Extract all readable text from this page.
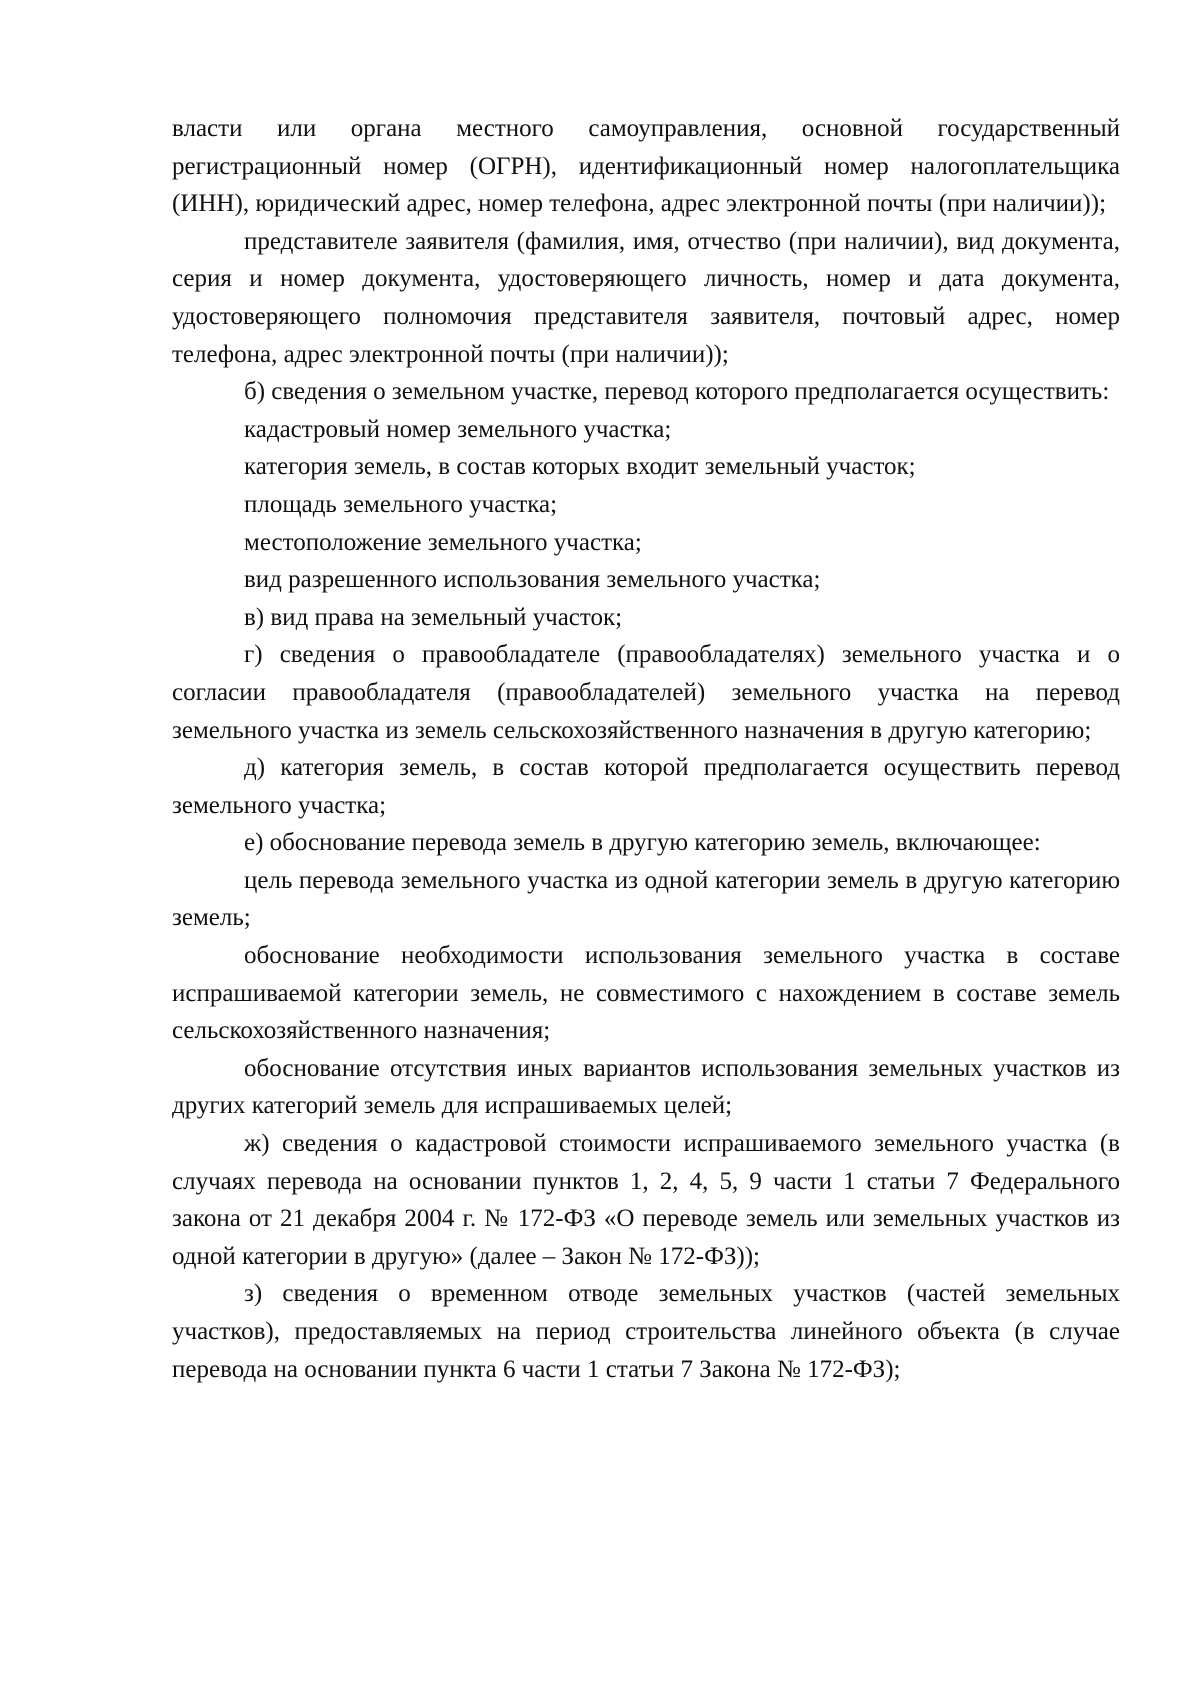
власти или органа местного самоуправления, основной государственный регистрационный номер (ОГРН), идентификационный номер налогоплательщика (ИНН), юридический адрес, номер телефона, адрес электронной почты (при наличии));

представителе заявителя (фамилия, имя, отчество (при наличии), вид документа, серия и номер документа, удостоверяющего личность, номер и дата документа, удостоверяющего полномочия представителя заявителя, почтовый адрес, номер телефона, адрес электронной почты (при наличии));

б) сведения о земельном участке, перевод которого предполагается осуществить:

кадастровый номер земельного участка;

категория земель, в состав которых входит земельный участок;

площадь земельного участка;

местоположение земельного участка;

вид разрешенного использования земельного участка;

в) вид права на земельный участок;

г) сведения о правообладателе (правообладателях) земельного участка и о согласии правообладателя (правообладателей) земельного участка на перевод земельного участка из земель сельскохозяйственного назначения в другую категорию;

д) категория земель, в состав которой предполагается осуществить перевод земельного участка;

е) обоснование перевода земель в другую категорию земель, включающее:

цель перевода земельного участка из одной категории земель в другую категорию земель;

обоснование необходимости использования земельного участка в составе испрашиваемой категории земель, не совместимого с нахождением в составе земель сельскохозяйственного назначения;

обоснование отсутствия иных вариантов использования земельных участков из других категорий земель для испрашиваемых целей;

ж) сведения о кадастровой стоимости испрашиваемого земельного участка (в случаях перевода на основании пунктов 1, 2, 4, 5, 9 части 1 статьи 7 Федерального закона от 21 декабря 2004 г. № 172-ФЗ «О переводе земель или земельных участков из одной категории в другую» (далее – Закон № 172-ФЗ));

з) сведения о временном отводе земельных участков (частей земельных участков), предоставляемых на период строительства линейного объекта (в случае перевода на основании пункта 6 части 1 статьи 7 Закона № 172-ФЗ);
